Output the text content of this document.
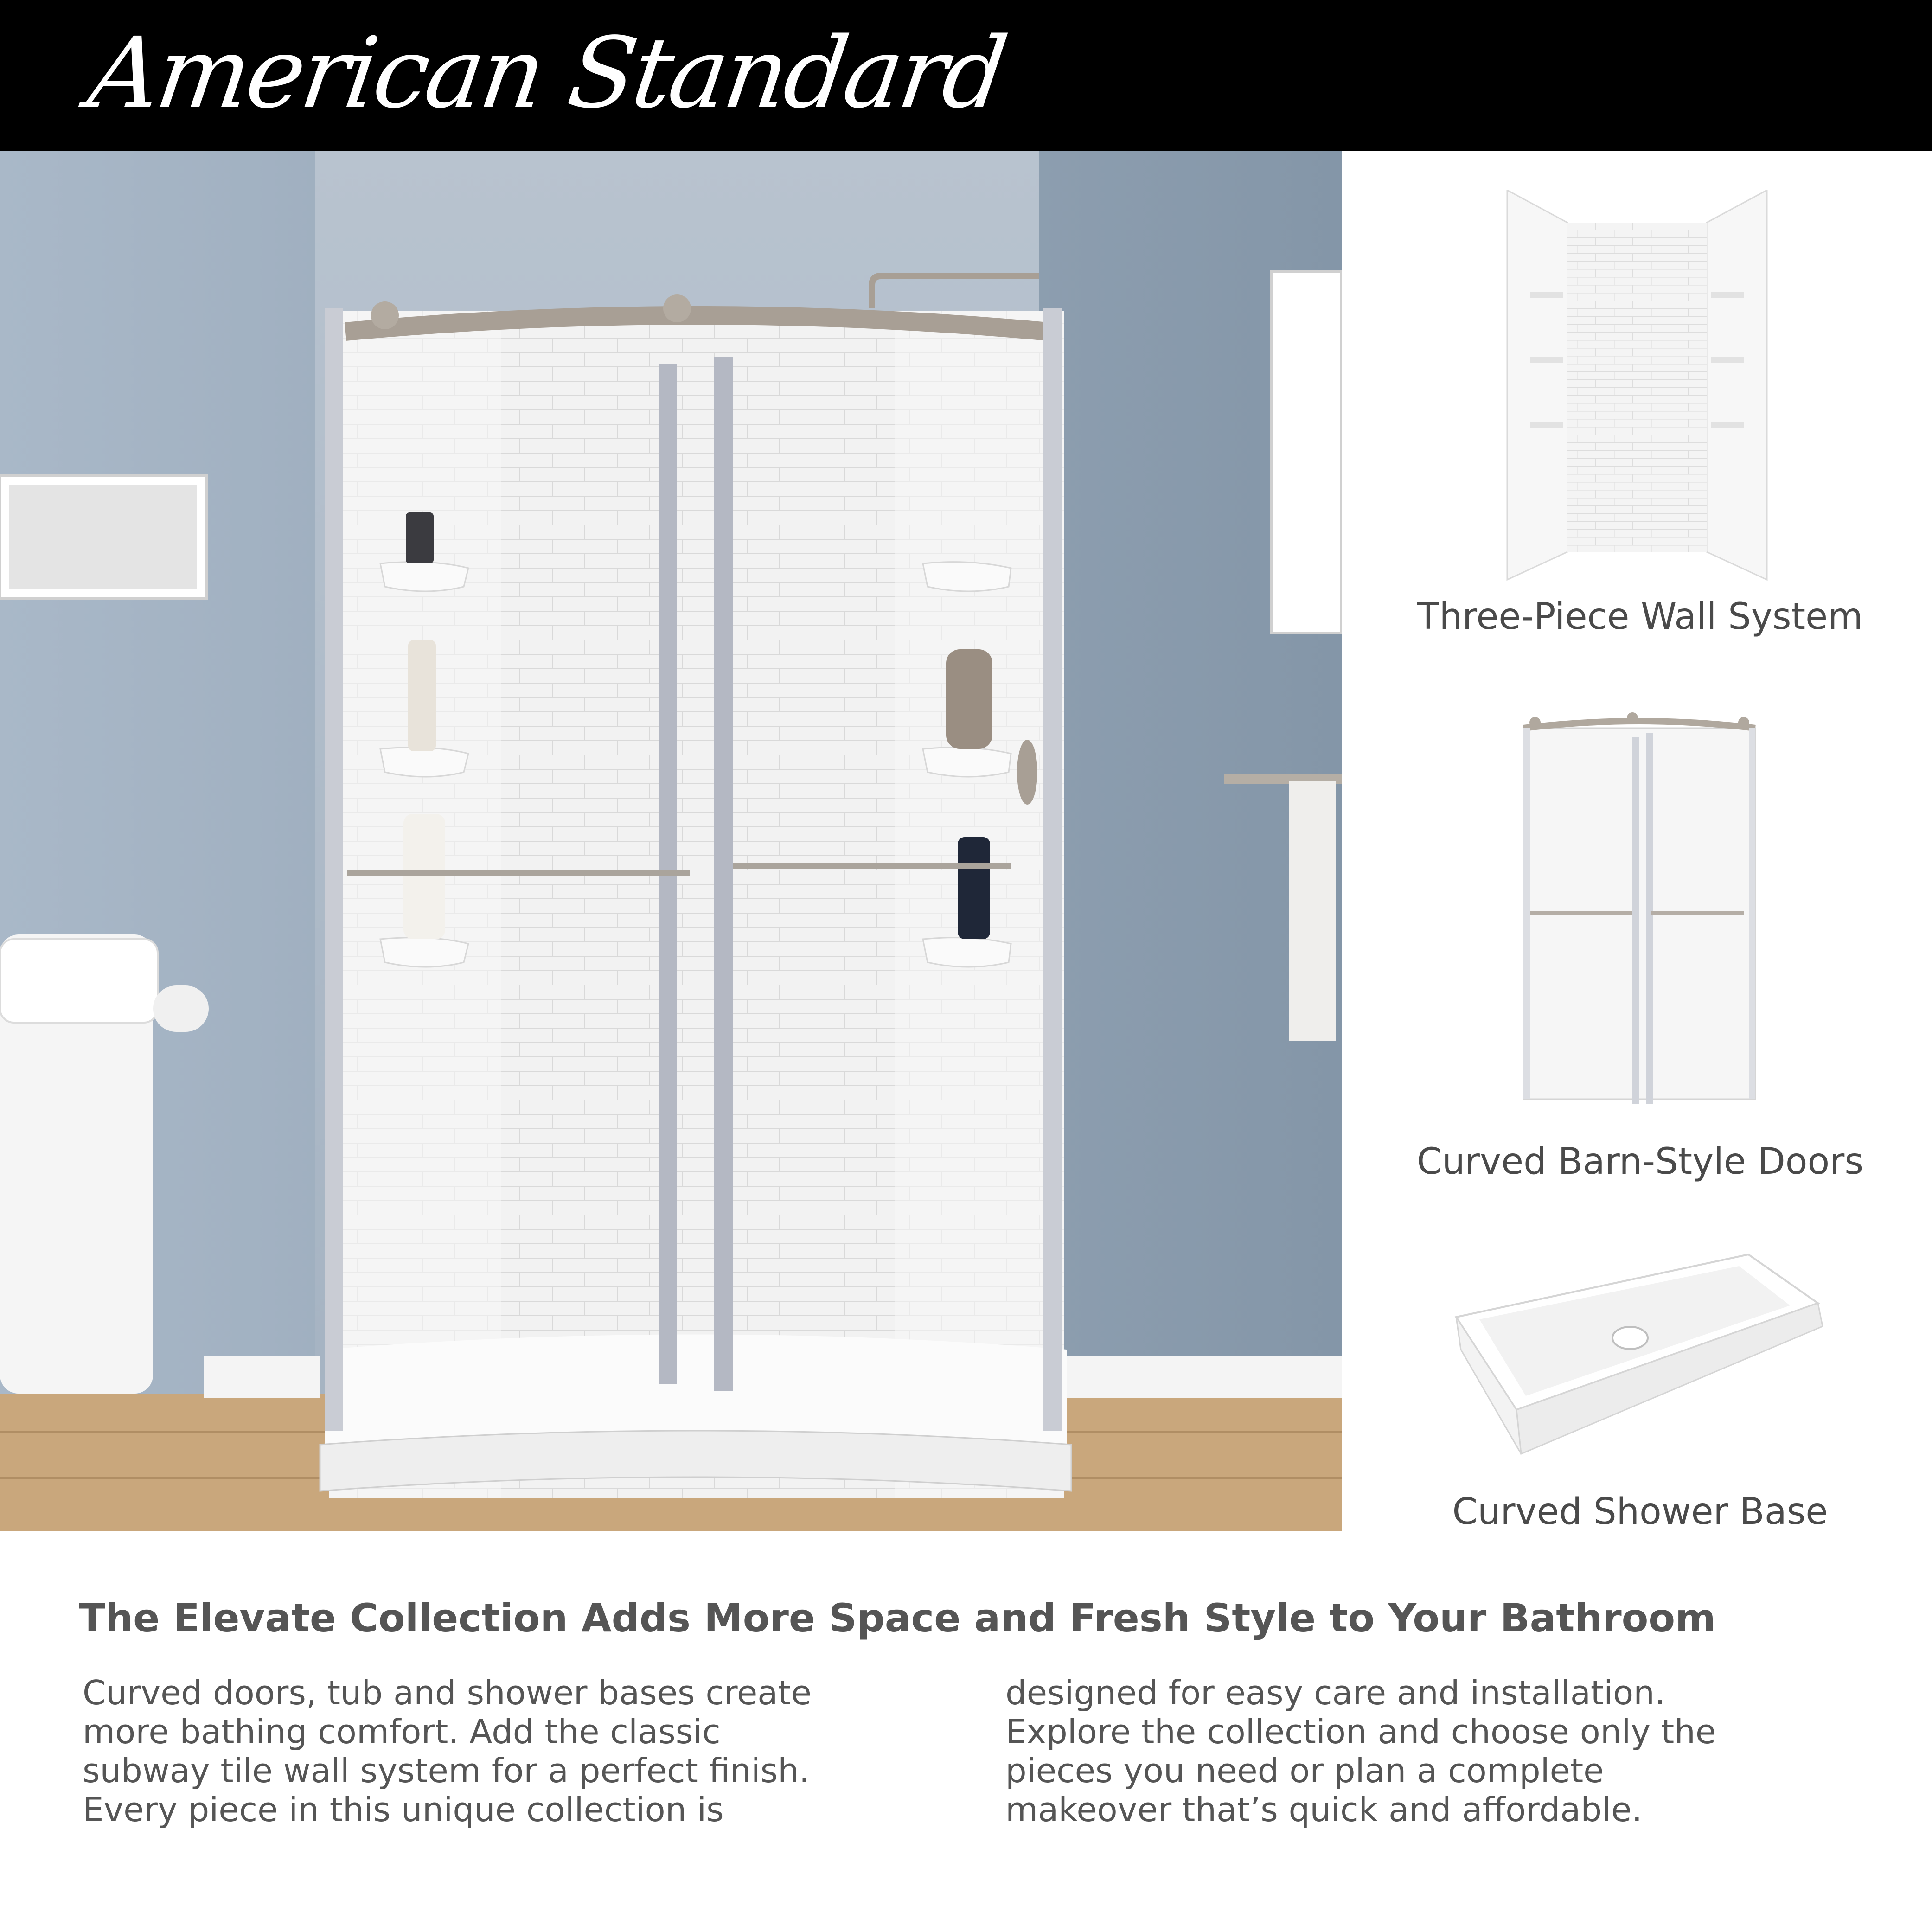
American Standard
Three-Piece Wall System
Curved Barn-Style Doors
Curved Shower Base
The Elevate Collection Adds More Space and Fresh Style to Your Bathroom
Curved doors, tub and shower bases create
more bathing comfort. Add the classic
subway tile wall system for a perfect finish.
Every piece in this unique collection is
designed for easy care and installation.
Explore the collection and choose only the
pieces you need or plan a complete
makeover that’s quick and affordable.
